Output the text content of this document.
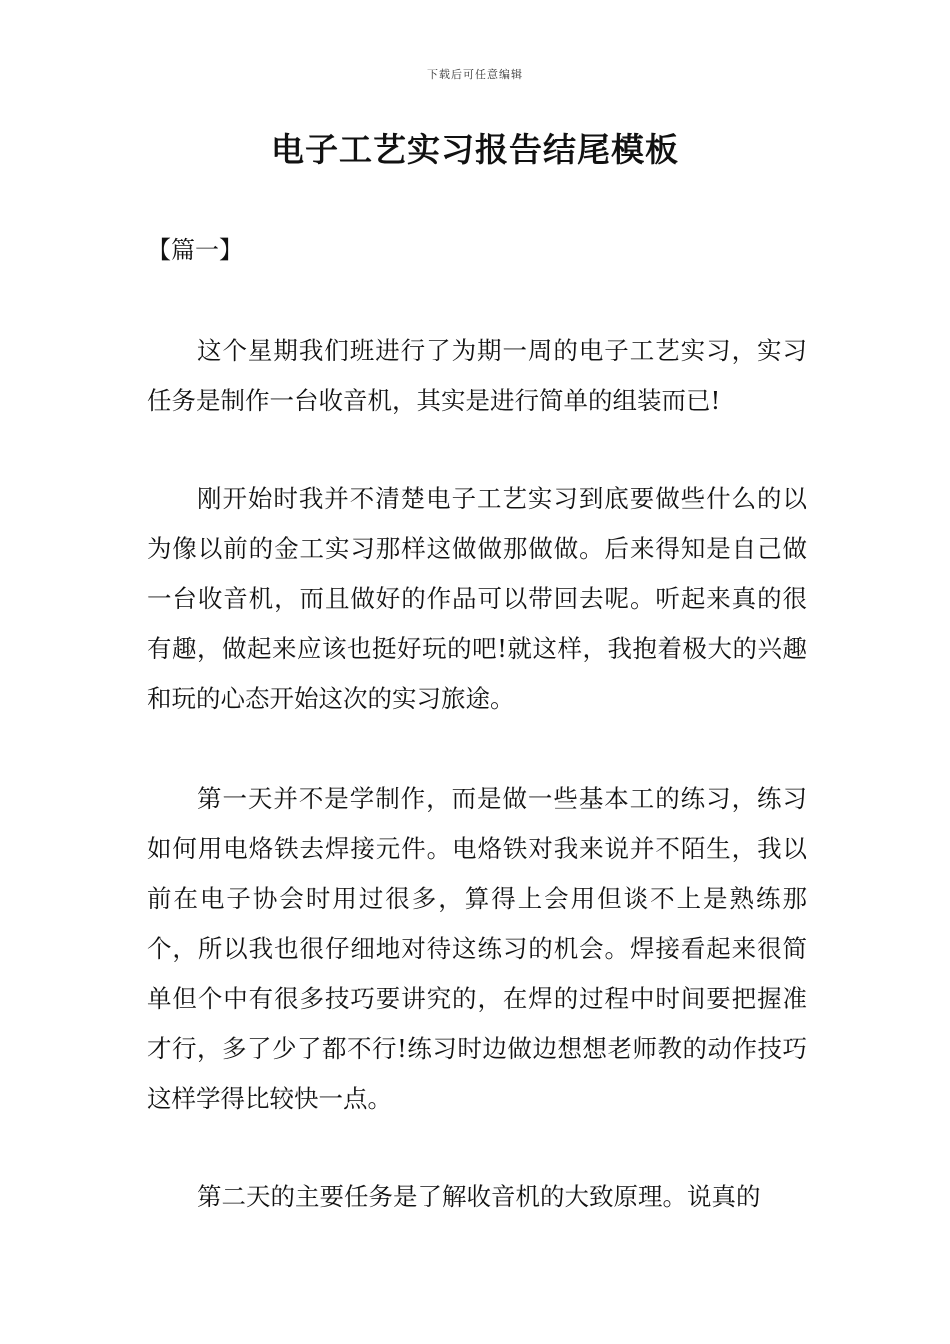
下载后可任意编辑
电子工艺实习报告结尾模板
【篇一】

这个星期我们班进行了为期一周的电子工艺实习，实习任务是制作一台收音机，其实是进行简单的组装而已!

刚开始时我并不清楚电子工艺实习到底要做些什么的以为像以前的金工实习那样这做做那做做。后来得知是自己做一台收音机，而且做好的作品可以带回去呢。听起来真的很有趣，做起来应该也挺好玩的吧!就这样，我抱着极大的兴趣和玩的心态开始这次的实习旅途。

第一天并不是学制作，而是做一些基本工的练习，练习如何用电烙铁去焊接元件。电烙铁对我来说并不陌生，我以前在电子协会时用过很多，算得上会用但谈不上是熟练那个，所以我也很仔细地对待这练习的机会。焊接看起来很简单但个中有很多技巧要讲究的，在焊的过程中时间要把握准才行，多了少了都不行!练习时边做边想想老师教的动作技巧这样学得比较快一点。

第二天的主要任务是了解收音机的大致原理。说真的
